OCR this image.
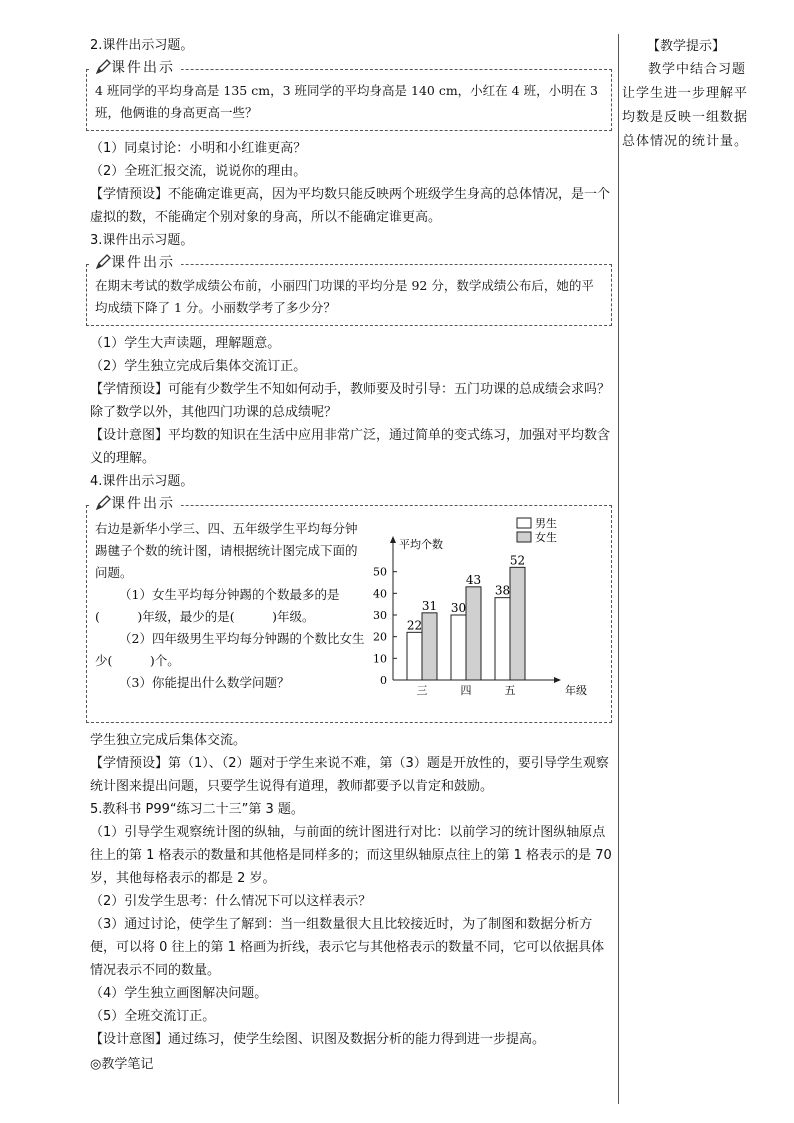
2.课件出示习题。
课件出示
4 班同学的平均身高是 135 cm，3 班同学的平均身高是 140 cm，小红在 4 班，小明在 3 班，他俩谁的身高更高一些？
（1）同桌讨论：小明和小红谁更高？
（2）全班汇报交流，说说你的理由。
【学情预设】不能确定谁更高，因为平均数只能反映两个班级学生身高的总体情况，是一个虚拟的数，不能确定个别对象的身高，所以不能确定谁更高。
3.课件出示习题。
课件出示
在期末考试的数学成绩公布前，小丽四门功课的平均分是 92 分，数学成绩公布后，她的平均成绩下降了 1 分。小丽数学考了多少分？
（1）学生大声读题，理解题意。
（2）学生独立完成后集体交流订正。
【学情预设】可能有少数学生不知如何动手，教师要及时引导：五门功课的总成绩会求吗？除了数学以外，其他四门功课的总成绩呢？
【设计意图】平均数的知识在生活中应用非常广泛，通过简单的变式练习，加强对平均数含义的理解。
4.课件出示习题。
课件出示
右边是新华小学三、四、五年级学生平均每分钟踢毽子个数的统计图，请根据统计图完成下面的问题。
（1）女生平均每分钟踢的个数最多的是(　　　)年级，最少的是(　　　)年级。
（2）四年级男生平均每分钟踢的个数比女生少(　　　)个。
（3）你能提出什么数学问题？	0
10
20
30
40
50
平均个数
年级
22
31
三
30
43
四
38
52
五
男生
女生
学生独立完成后集体交流。
【学情预设】第（1）、（2）题对于学生来说不难，第（3）题是开放性的，要引导学生观察统计图来提出问题，只要学生说得有道理，教师都要予以肯定和鼓励。
5.教科书 P99“练习二十三”第 3 题。
（1）引导学生观察统计图的纵轴，与前面的统计图进行对比：以前学习的统计图纵轴原点往上的第 1 格表示的数量和其他格是同样多的；而这里纵轴原点往上的第 1 格表示的是 70 岁，其他每格表示的都是 2 岁。
（2）引发学生思考：什么情况下可以这样表示？
（3）通过讨论，使学生了解到：当一组数量很大且比较接近时，为了制图和数据分析方便，可以将 0 往上的第 1 格画为折线，表示它与其他格表示的数量不同，它可以依据具体情况表示不同的数量。
（4）学生独立画图解决问题。
（5）全班交流订正。
【设计意图】通过练习，使学生绘图、识图及数据分析的能力得到进一步提高。
◎教学笔记
【教学提示】
教学中结合习题让学生进一步理解平均数是反映一组数据总体情况的统计量。
